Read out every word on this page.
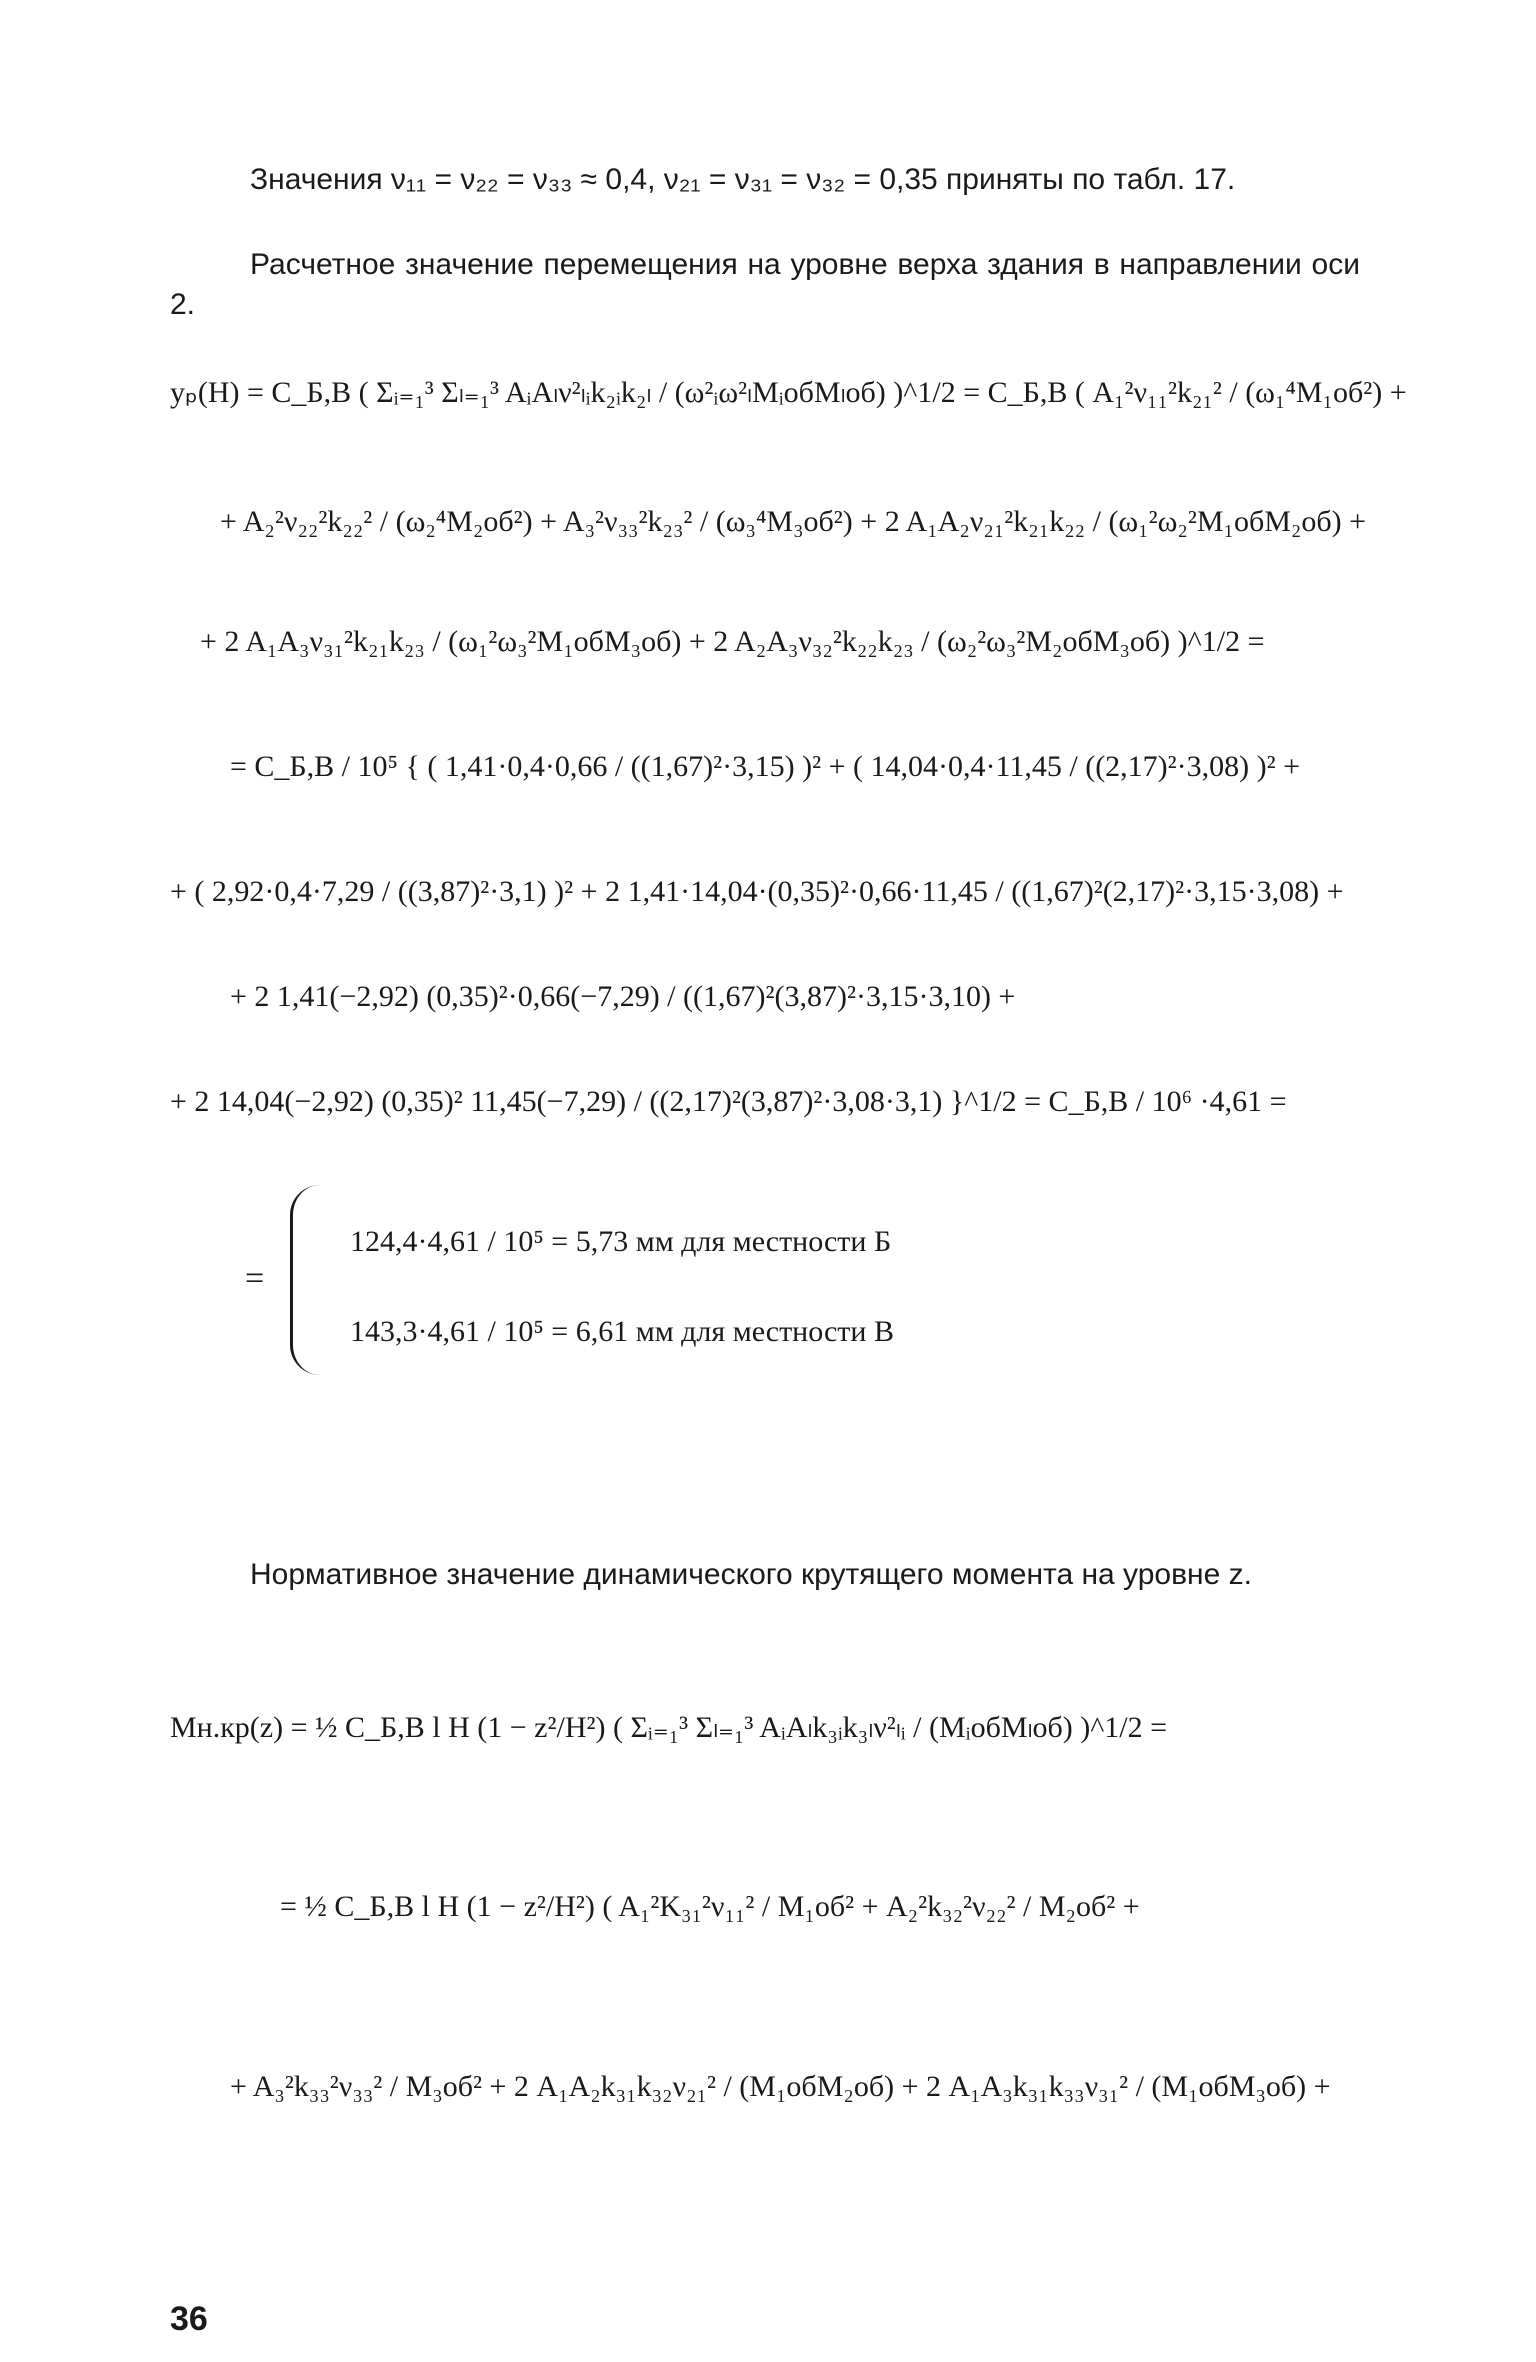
Значения ν₁₁ = ν₂₂ = ν₃₃ ≈ 0,4, ν₂₁ = ν₃₁ = ν₃₂ = 0,35 приняты по табл. 17.

Расчетное значение перемещения на уровне верха здания в направлении оси 2.

yₚ(H) = C_Б,В ( Σᵢ₌₁³ Σₗ₌₁³ AᵢAₗν²ₗᵢk₂ᵢk₂ₗ / (ω²ᵢω²ₗMᵢобMₗоб) )^1/2 = C_Б,В ( A₁²ν₁₁²k₂₁² / (ω₁⁴M₁об²) +
+ A₂²ν₂₂²k₂₂² / (ω₂⁴M₂об²) + A₃²ν₃₃²k₂₃² / (ω₃⁴M₃об²) + 2 A₁A₂ν₂₁²k₂₁k₂₂ / (ω₁²ω₂²M₁обM₂об) +
+ 2 A₁A₃ν₃₁²k₂₁k₂₃ / (ω₁²ω₃²M₁обM₃об) + 2 A₂A₃ν₃₂²k₂₂k₂₃ / (ω₂²ω₃²M₂обM₃об) )^1/2 =
= C_Б,В / 10⁵ { ( 1,41·0,4·0,66 / ((1,67)²·3,15) )² + ( 14,04·0,4·11,45 / ((2,17)²·3,08) )² +
+ ( 2,92·0,4·7,29 / ((3,87)²·3,1) )² + 2 1,41·14,04·(0,35)²·0,66·11,45 / ((1,67)²(2,17)²·3,15·3,08) +
+ 2 1,41(−2,92) (0,35)²·0,66(−7,29) / ((1,67)²(3,87)²·3,15·3,10) +
+ 2 14,04(−2,92) (0,35)² 11,45(−7,29) / ((2,17)²(3,87)²·3,08·3,1) }^1/2 = C_Б,В / 10⁶ ·4,61 =
=
124,4·4,61 / 10⁵ = 5,73 мм для местности Б
143,3·4,61 / 10⁵ = 6,61 мм для местности В

Нормативное значение динамического крутящего момента на уровне z.

Mн.кр(z) = ½ C_Б,В l H (1 − z²/H²) ( Σᵢ₌₁³ Σₗ₌₁³ AᵢAₗk₃ᵢk₃ₗν²ₗᵢ / (MᵢобMₗоб) )^1/2 =
= ½ C_Б,В l H (1 − z²/H²) ( A₁²K₃₁²ν₁₁² / M₁об² + A₂²k₃₂²ν₂₂² / M₂об² +
+ A₃²k₃₃²ν₃₃² / M₃об² + 2 A₁A₂k₃₁k₃₂ν₂₁² / (M₁обM₂об) + 2 A₁A₃k₃₁k₃₃ν₃₁² / (M₁обM₃об) +
36
